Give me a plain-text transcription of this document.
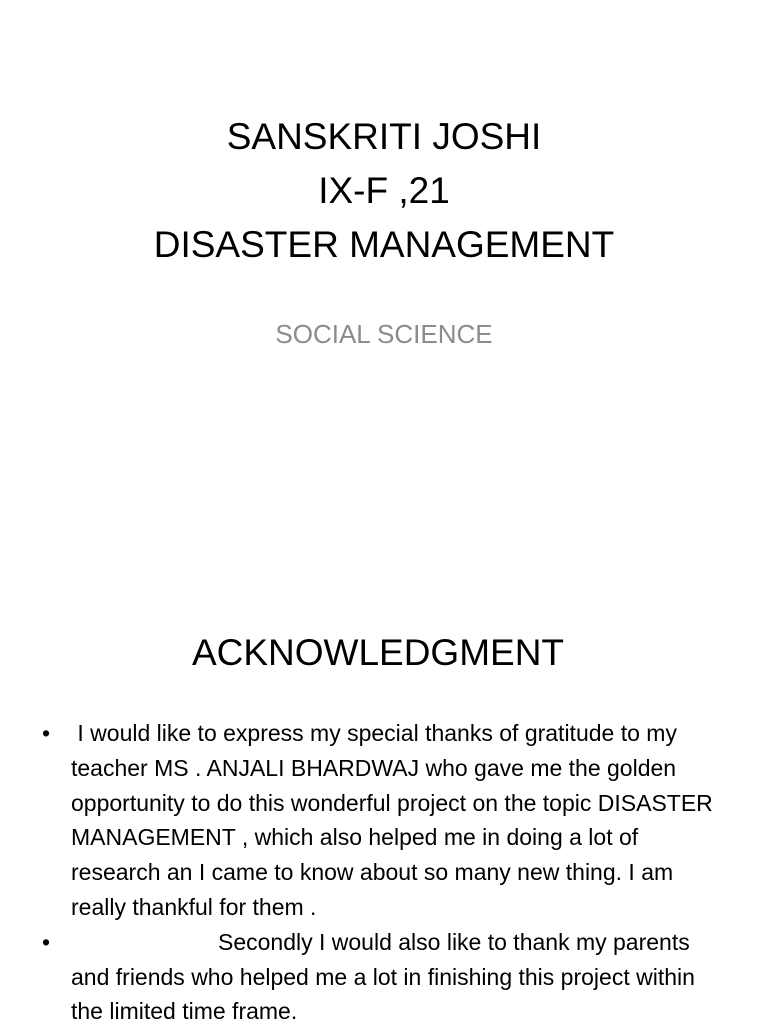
SANSKRITI JOSHI
IX-F ,21
DISASTER MANAGEMENT
SOCIAL SCIENCE
ACKNOWLEDGMENT
• I would like to express my special thanks of gratitude to my teacher MS . ANJALI BHARDWAJ who gave me the golden opportunity to do this wonderful project on the topic DISASTER MANAGEMENT , which also helped me in doing a lot of research an I came to know about so many new thing. I am really thankful for them .
• Secondly I would also like to thank my parents and friends who helped me a lot in finishing this project within the limited time frame.
